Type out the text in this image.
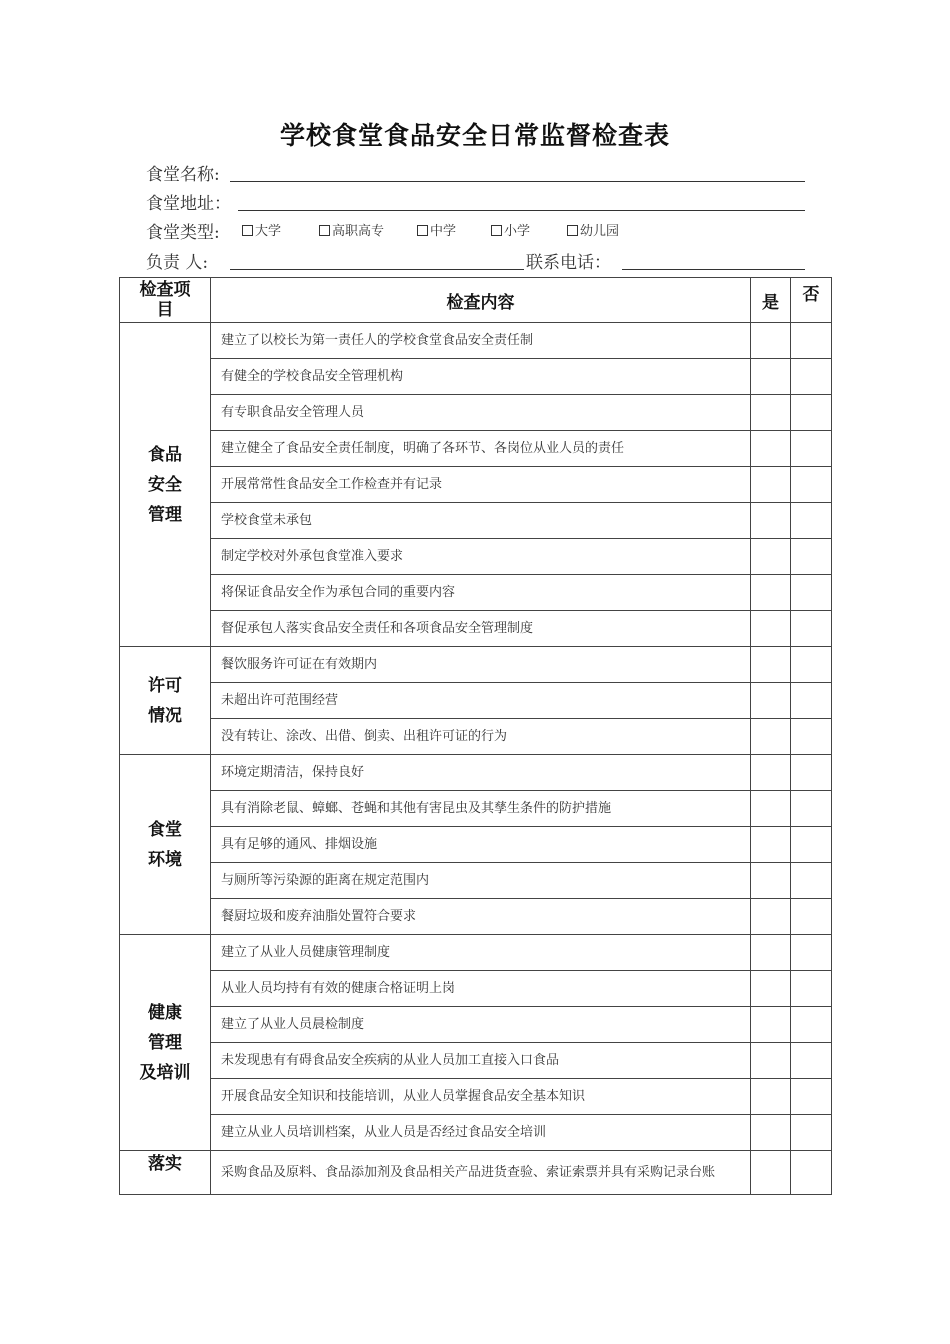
学校食堂食品安全日常监督检查表
食堂名称:
食堂地址：
食堂类型:	大学	高职高专	中学	小学	幼儿园
负责 人:	联系电话：
检查项
目	检查内容	是	否
食品
安全
管理	建立了以校长为第一责任人的学校食堂食品安全责任制		
	有健全的学校食品安全管理机构		
	有专职食品安全管理人员		
	建立健全了食品安全责任制度，明确了各环节、各岗位从业人员的责任		
	开展常常性食品安全工作检查并有记录		
	学校食堂未承包		
	制定学校对外承包食堂准入要求		
	将保证食品安全作为承包合同的重要内容		
	督促承包人落实食品安全责任和各项食品安全管理制度		
许可
情况	餐饮服务许可证在有效期内		
	未超出许可范围经营		
	没有转让、涂改、出借、倒卖、出租许可证的行为		
食堂
环境	环境定期清洁，保持良好		
	具有消除老鼠、蟑螂、苍蝇和其他有害昆虫及其孳生条件的防护措施		
	具有足够的通风、排烟设施		
	与厕所等污染源的距离在规定范围内		
	餐厨垃圾和废弃油脂处置符合要求		
健康
管理
及培训	建立了从业人员健康管理制度		
	从业人员均持有有效的健康合格证明上岗		
	建立了从业人员晨检制度		
	未发现患有有碍食品安全疾病的从业人员加工直接入口食品		
	开展食品安全知识和技能培训，从业人员掌握食品安全基本知识		
	建立从业人员培训档案，从业人员是否经过食品安全培训		
落实	采购食品及原料、食品添加剂及食品相关产品进货查验、索证索票并具有采购记录台账		
